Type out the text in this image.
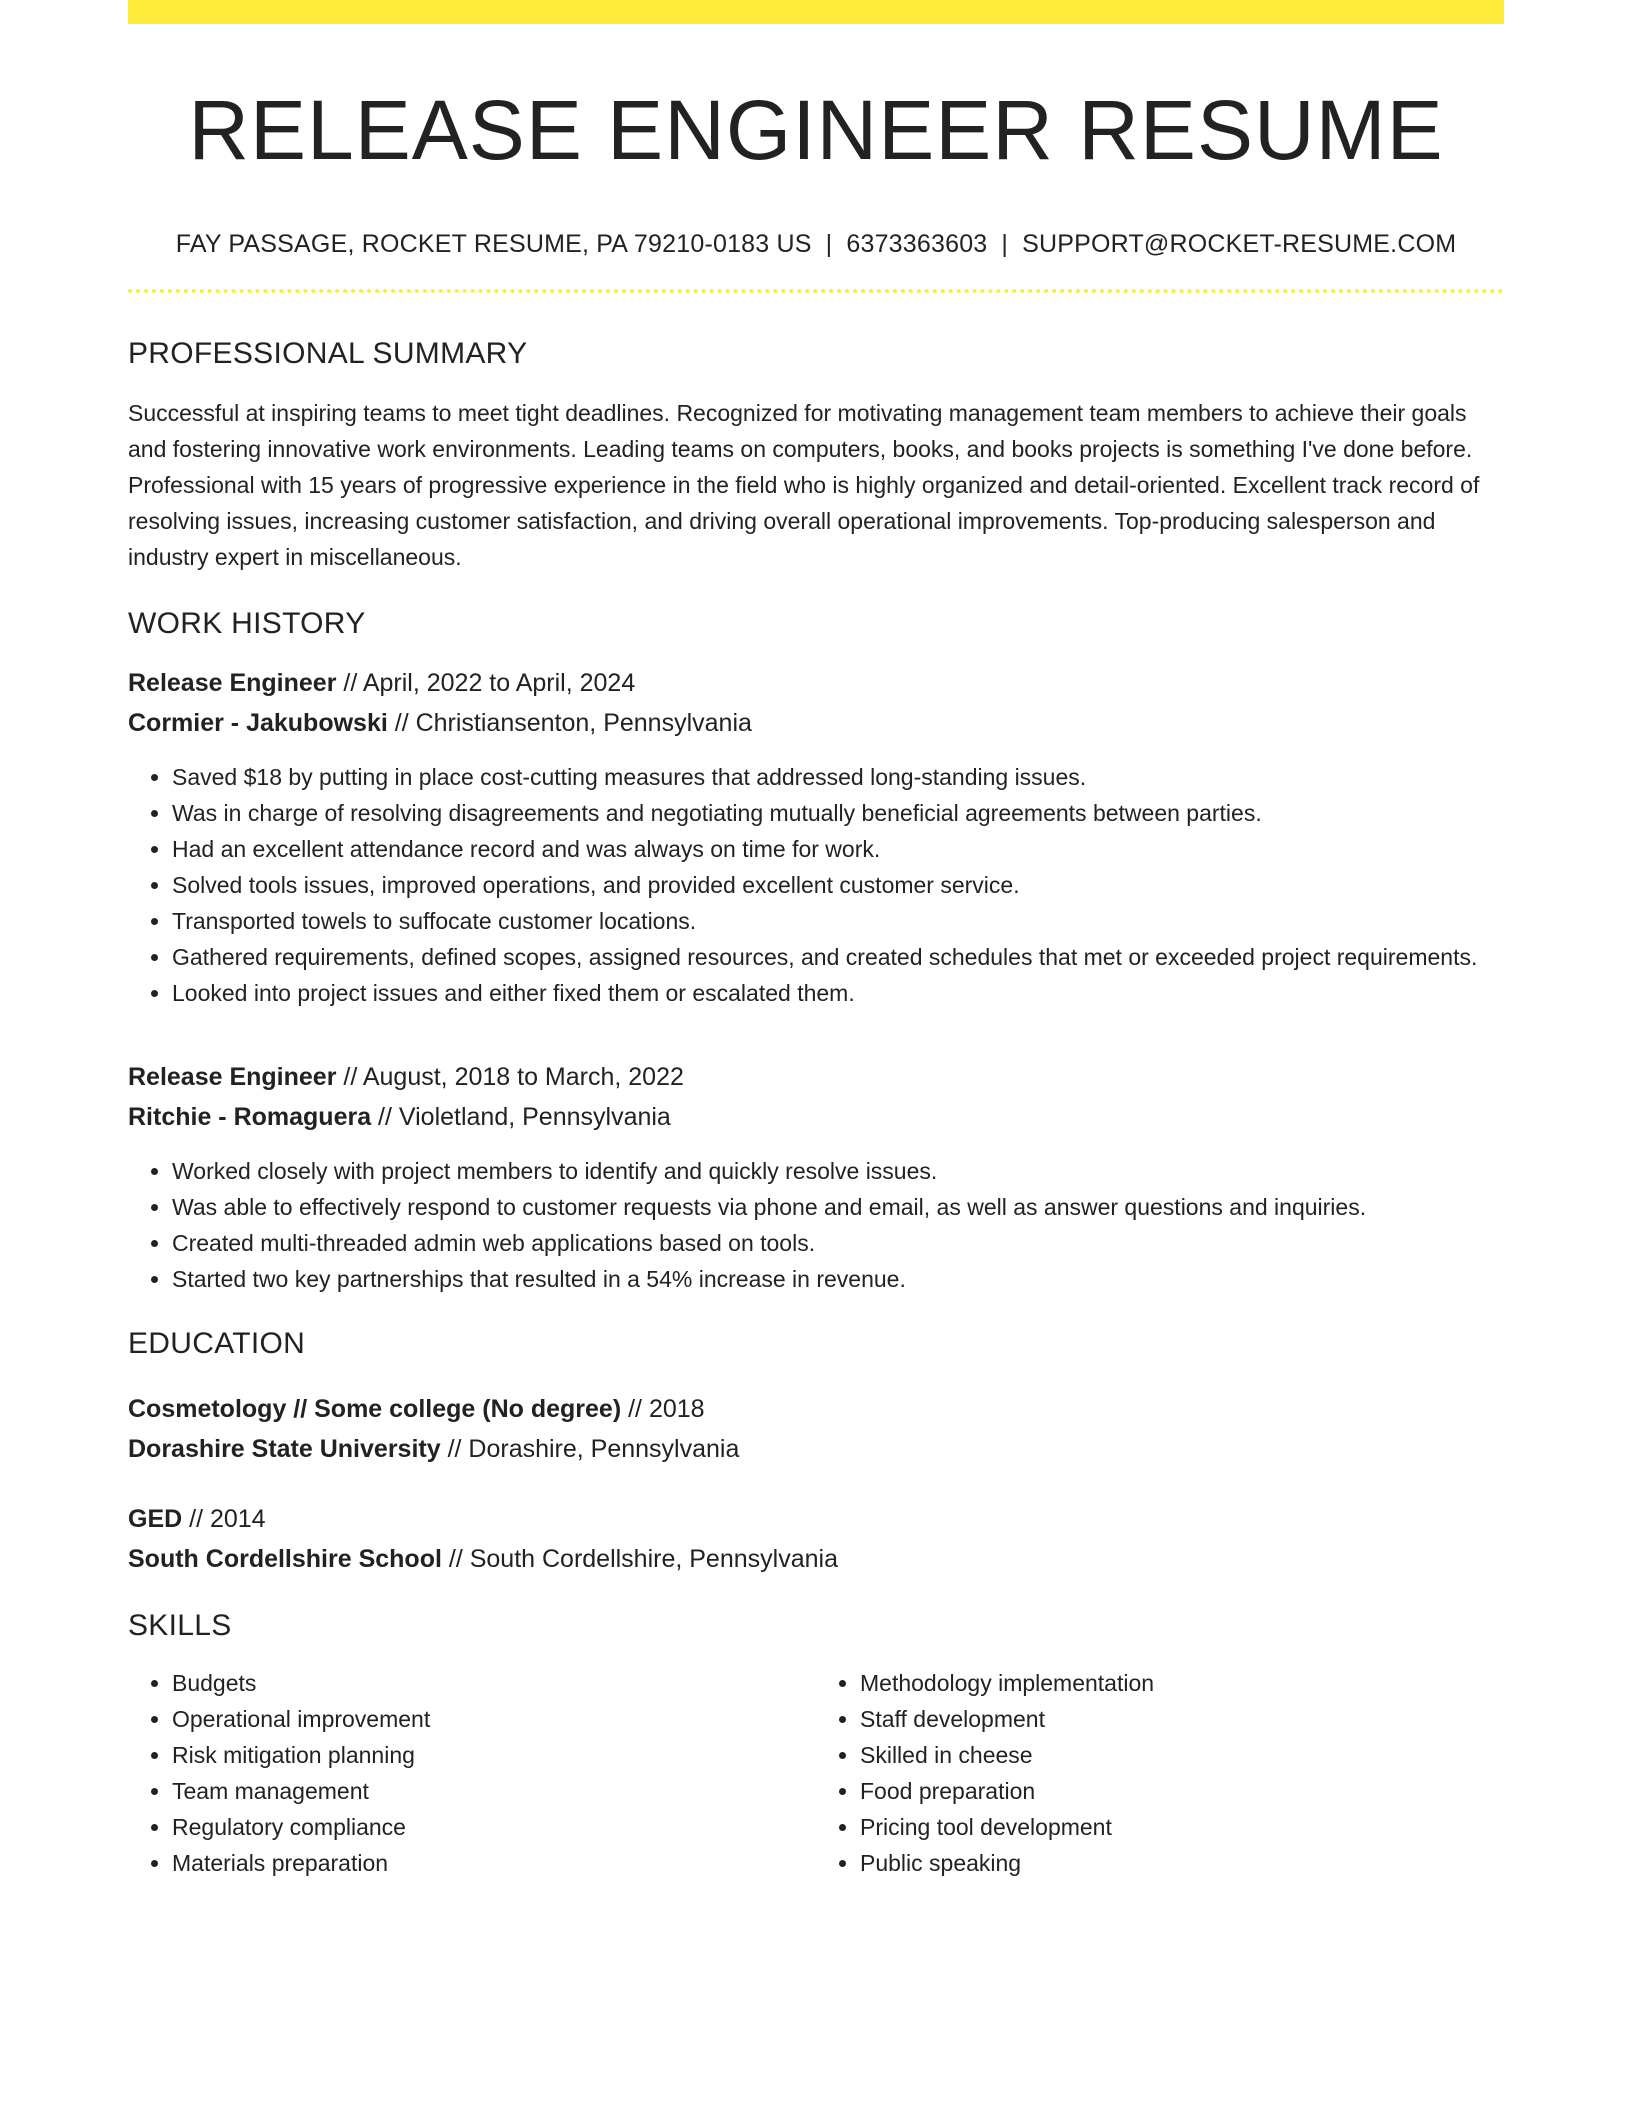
RELEASE ENGINEER RESUME
FAY PASSAGE, ROCKET RESUME, PA 79210-0183 US | 6373363603 | SUPPORT@ROCKET-RESUME.COM
PROFESSIONAL SUMMARY

Successful at inspiring teams to meet tight deadlines. Recognized for motivating management team members to achieve their goals and fostering innovative work environments. Leading teams on computers, books, and books projects is something I've done before. Professional with 15 years of progressive experience in the field who is highly organized and detail-oriented. Excellent track record of resolving issues, increasing customer satisfaction, and driving overall operational improvements. Top-producing salesperson and industry expert in miscellaneous.

WORK HISTORY
Release Engineer // April, 2022 to April, 2024
Cormier - Jakubowski // Christiansenton, Pennsylvania
• Saved $18 by putting in place cost-cutting measures that addressed long-standing issues.
• Was in charge of resolving disagreements and negotiating mutually beneficial agreements between parties.
• Had an excellent attendance record and was always on time for work.
• Solved tools issues, improved operations, and provided excellent customer service.
• Transported towels to suffocate customer locations.
• Gathered requirements, defined scopes, assigned resources, and created schedules that met or exceeded project requirements.
• Looked into project issues and either fixed them or escalated them.
Release Engineer // August, 2018 to March, 2022
Ritchie - Romaguera // Violetland, Pennsylvania
• Worked closely with project members to identify and quickly resolve issues.
• Was able to effectively respond to customer requests via phone and email, as well as answer questions and inquiries.
• Created multi-threaded admin web applications based on tools.
• Started two key partnerships that resulted in a 54% increase in revenue.
EDUCATION
Cosmetology // Some college (No degree) // 2018
Dorashire State University // Dorashire, Pennsylvania
GED // 2014
South Cordellshire School // South Cordellshire, Pennsylvania
SKILLS
• Budgets
• Operational improvement
• Risk mitigation planning
• Team management
• Regulatory compliance
• Materials preparation
• Methodology implementation
• Staff development
• Skilled in cheese
• Food preparation
• Pricing tool development
• Public speaking
